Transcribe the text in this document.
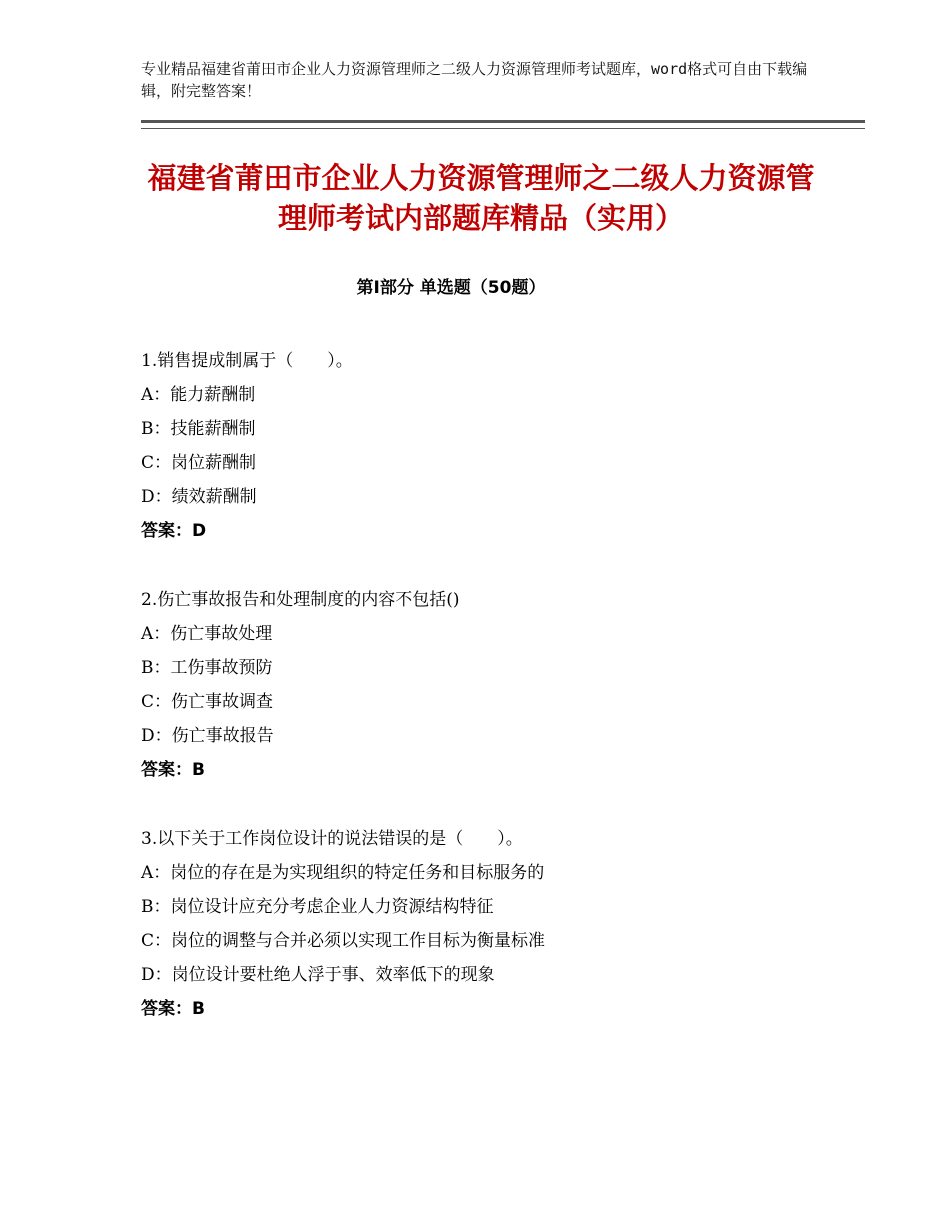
专业精品福建省莆田市企业人力资源管理师之二级人力资源管理师考试题库，word格式可自由下载编辑，附完整答案！
福建省莆田市企业人力资源管理师之二级人力资源管理师考试内部题库精品（实用）
第Ⅰ部分 单选题（50题）
1.销售提成制属于（　　）。
A：能力薪酬制
B：技能薪酬制
C：岗位薪酬制
D：绩效薪酬制
答案：D
2.伤亡事故报告和处理制度的内容不包括()
A：伤亡事故处理
B：工伤事故预防
C：伤亡事故调查
D：伤亡事故报告
答案：B
3.以下关于工作岗位设计的说法错误的是（　　）。
A：岗位的存在是为实现组织的特定任务和目标服务的
B：岗位设计应充分考虑企业人力资源结构特征
C：岗位的调整与合并必须以实现工作目标为衡量标准
D：岗位设计要杜绝人浮于事、效率低下的现象
答案：B
